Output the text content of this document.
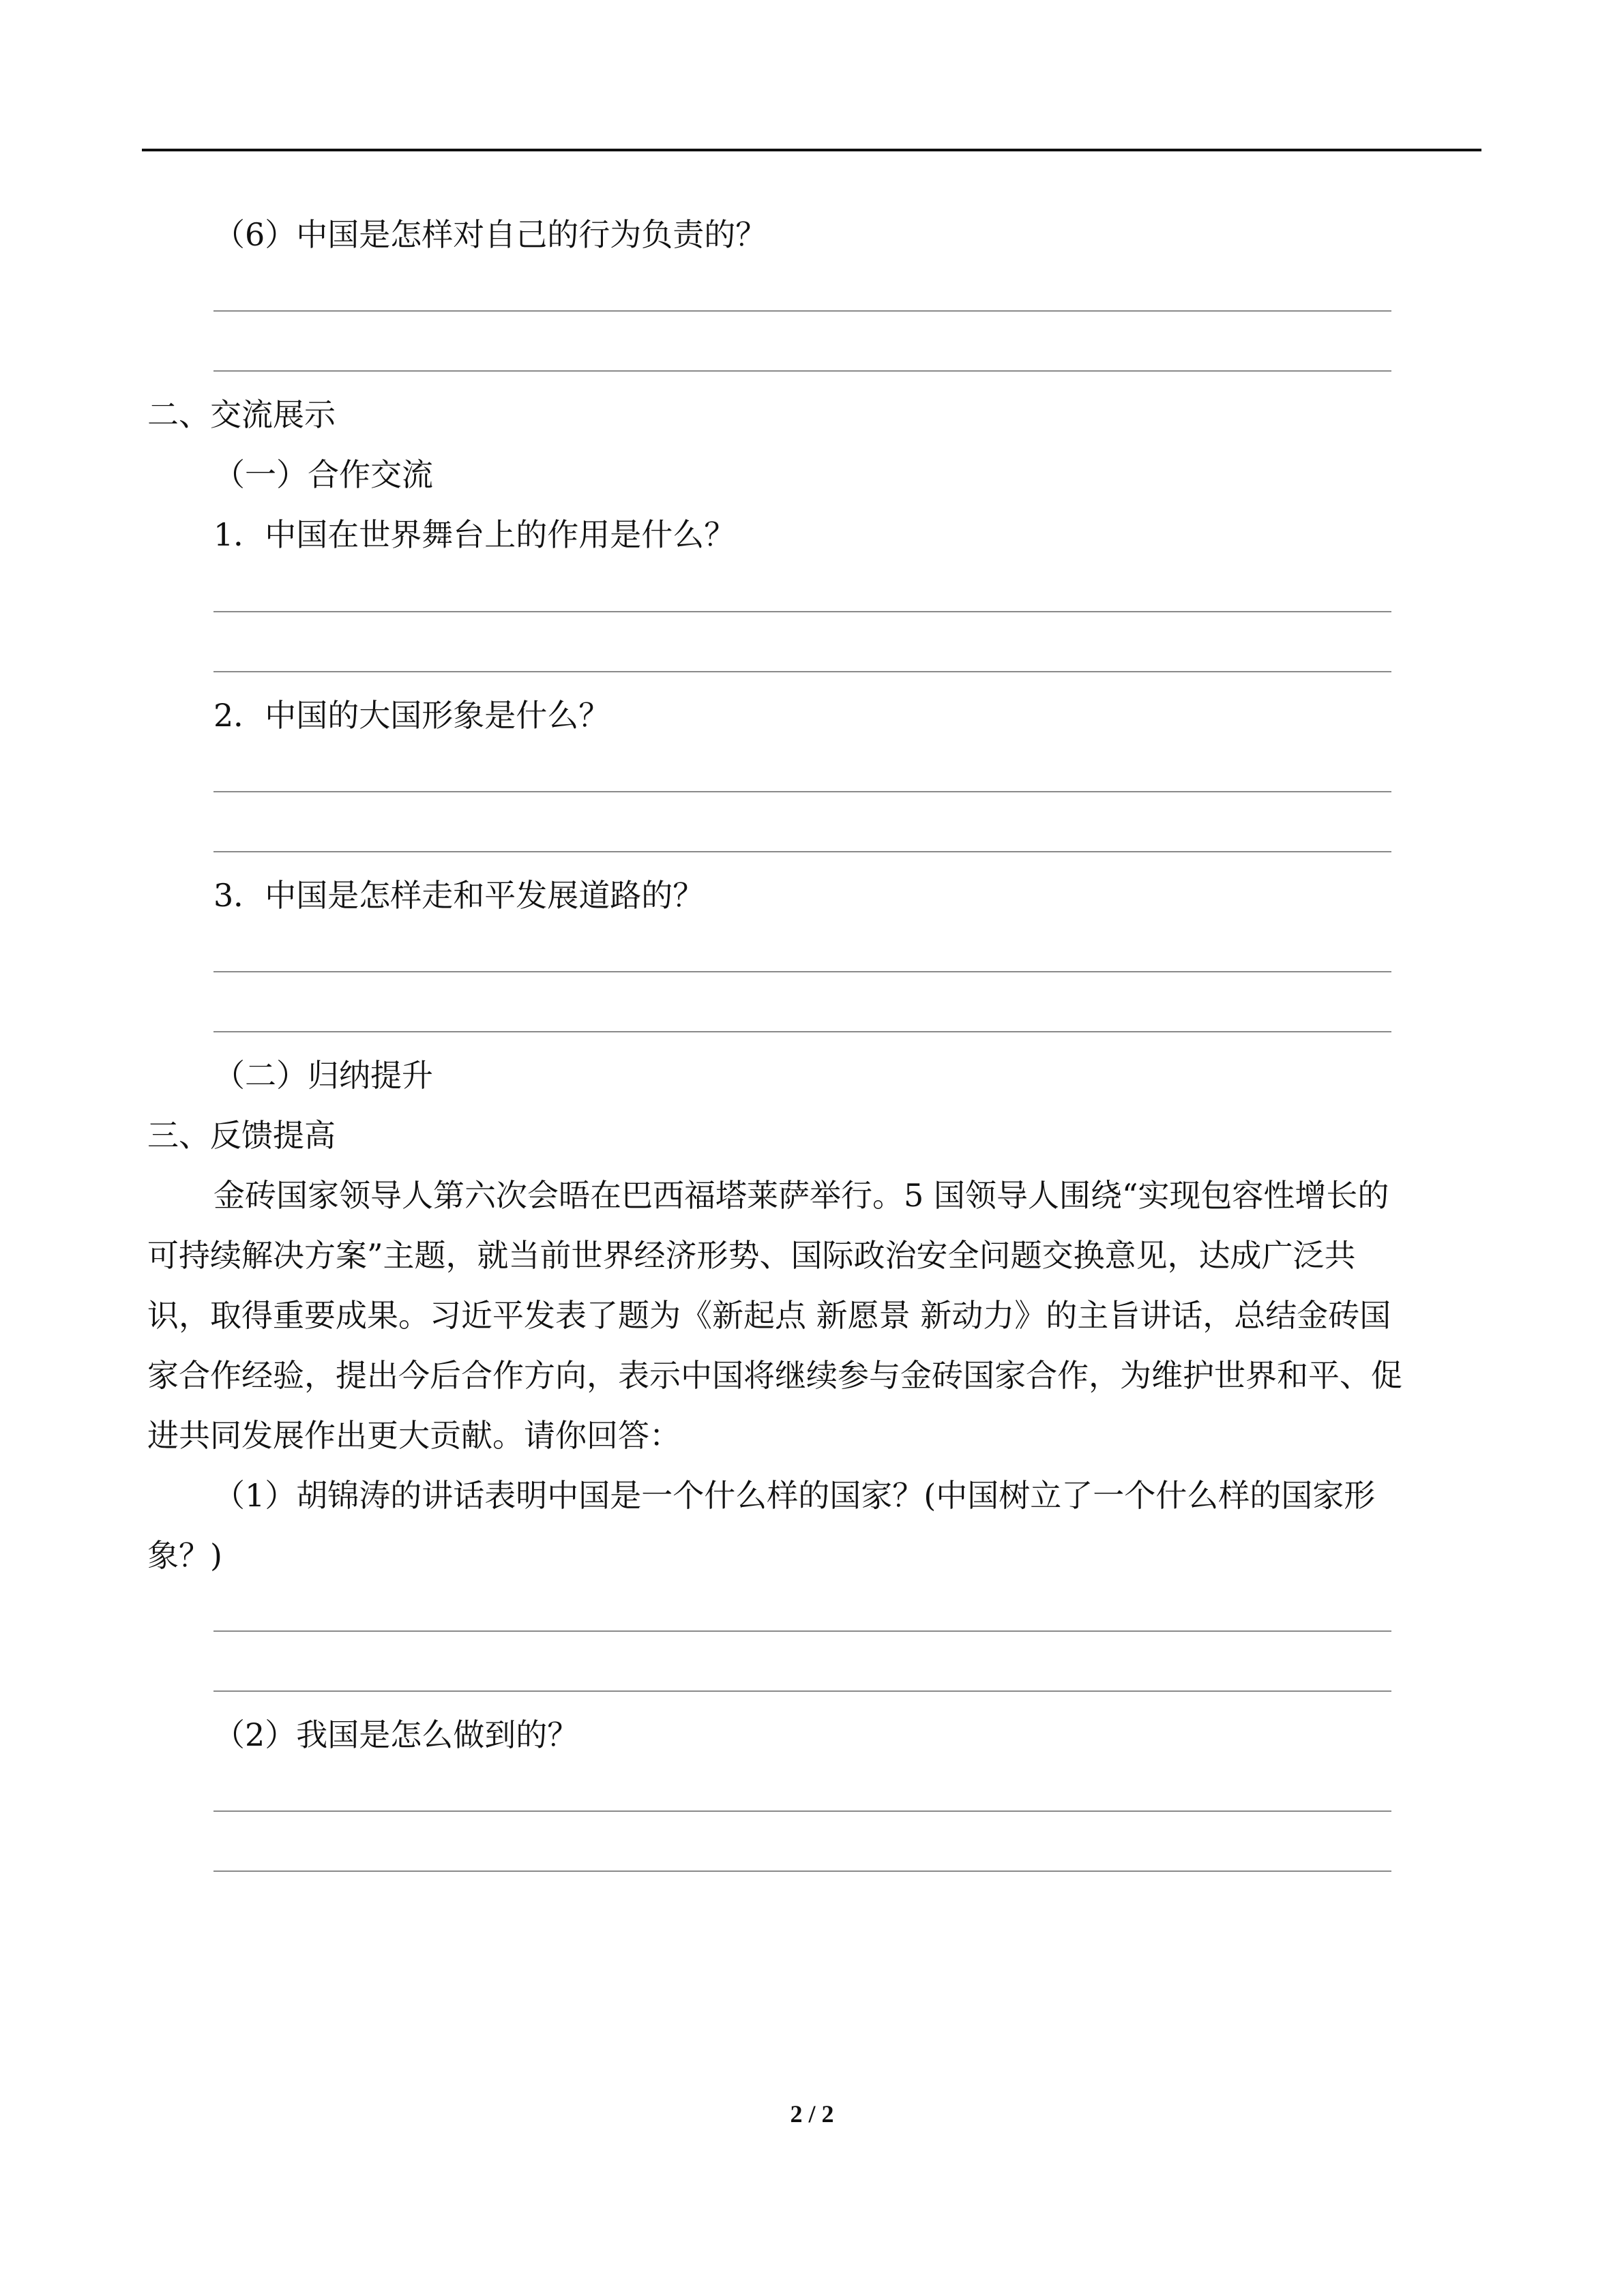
（6）中国是怎样对自己的行为负责的？
二、交流展示
（一）合作交流
1．中国在世界舞台上的作用是什么？
2．中国的大国形象是什么？
3．中国是怎样走和平发展道路的？
（二）归纳提升
三、反馈提高
金砖国家领导人第六次会晤在巴西福塔莱萨举行。5 国领导人围绕“实现包容性增长的
可持续解决方案”主题，就当前世界经济形势、国际政治安全问题交换意见，达成广泛共
识，取得重要成果。习近平发表了题为《新起点 新愿景 新动力》的主旨讲话，总结金砖国
家合作经验，提出今后合作方向，表示中国将继续参与金砖国家合作，为维护世界和平、促
进共同发展作出更大贡献。请你回答：
（1）胡锦涛的讲话表明中国是一个什么样的国家？(中国树立了一个什么样的国家形
象？)
（2）我国是怎么做到的？
2 / 2
